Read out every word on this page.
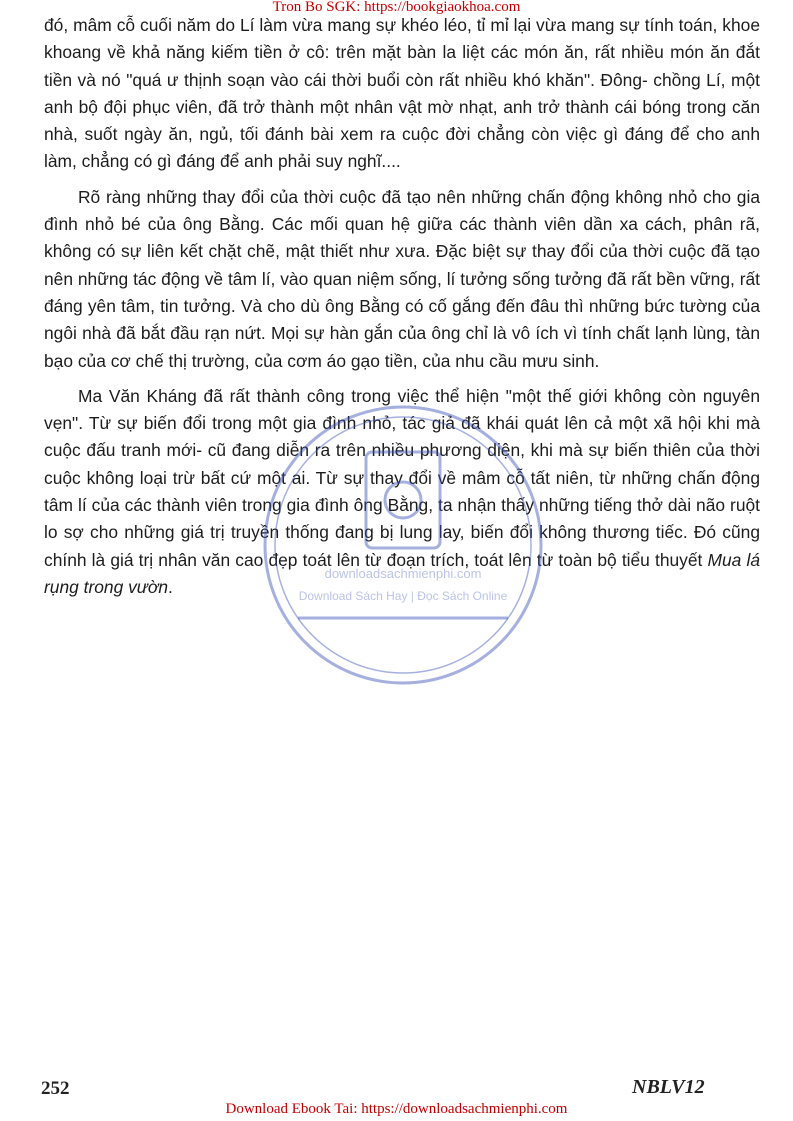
Tron Bo SGK: https://bookgiaokhoa.com

đó, mâm cỗ cuối năm do Lí làm vừa mang sự khéo léo, tỉ mỉ lại vừa mang sự tính toán, khoe khoang về khả năng kiếm tiền ở cô: trên mặt bàn la liệt các món ăn, rất nhiều món ăn đắt tiền và nó "quá ư thịnh soạn vào cái thời buổi còn rất nhiều khó khăn". Đông- chồng Lí, một anh bộ đội phục viên, đã trở thành một nhân vật mờ nhạt, anh trở thành cái bóng trong căn nhà, suốt ngày ăn, ngủ, tối đánh bài xem ra cuộc đời chẳng còn việc gì đáng để cho anh làm, chẳng có gì đáng để anh phải suy nghĩ....

Rõ ràng những thay đổi của thời cuộc đã tạo nên những chấn động không nhỏ cho gia đình nhỏ bé của ông Bằng. Các mối quan hệ giữa các thành viên dần xa cách, phân rã, không có sự liên kết chặt chẽ, mật thiết như xưa. Đặc biệt sự thay đổi của thời cuộc đã tạo nên những tác động về tâm lí, vào quan niệm sống, lí tưởng sống tưởng đã rất bền vững, rất đáng yên tâm, tin tưởng. Và cho dù ông Bằng có cố gắng đến đâu thì những bức tường của ngôi nhà đã bắt đầu rạn nứt. Mọi sự hàn gắn của ông chỉ là vô ích vì tính chất lạnh lùng, tàn bạo của cơ chế thị trường, của cơm áo gạo tiền, của nhu cầu mưu sinh.

Ma Văn Kháng đã rất thành công trong việc thể hiện "một thế giới không còn nguyên vẹn". Từ sự biến đổi trong một gia đình nhỏ, tác giả đã khái quát lên cả một xã hội khi mà cuộc đấu tranh mới- cũ đang diễn ra trên nhiều phương diện, khi mà sự biến thiên của thời cuộc không loại trừ bất cứ một ai. Từ sự thay đổi về mâm cỗ tất niên, từ những chấn động tâm lí của các thành viên trong gia đình ông Bằng, ta nhận thấy những tiếng thở dài não ruột lo sợ cho những giá trị truyền thống đang bị lung lay, biến đổi không thương tiếc. Đó cũng chính là giá trị nhân văn cao đẹp toát lên từ đoạn trích, toát lên từ toàn bộ tiểu thuyết Mua lá rụng trong vườn.

downloadsachmienphi.com
Download Sách Hay | Đọc Sách Online
252	NBLV12
Download Ebook Tai: https://downloadsachmienphi.com
